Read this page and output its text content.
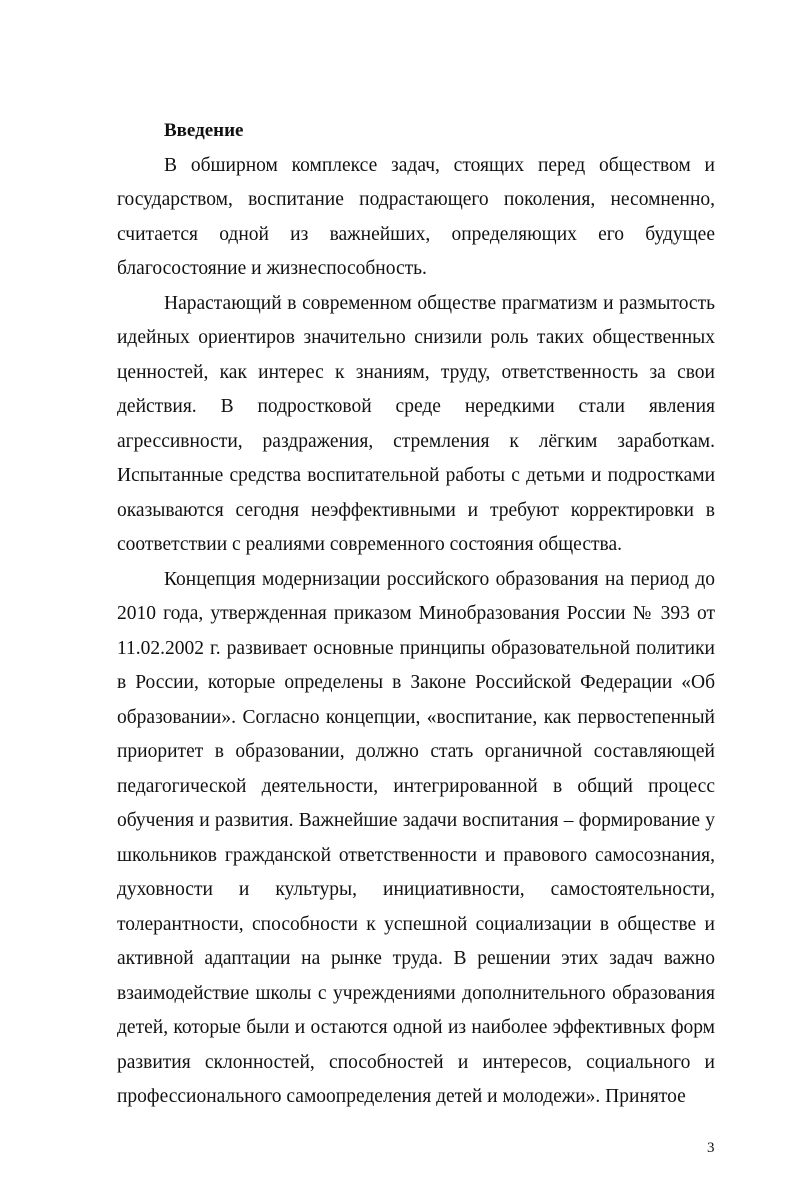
Введение

В обширном комплексе задач, стоящих перед обществом и государством, воспитание подрастающего поколения, несомненно, считается одной из важнейших, определяющих его будущее благосостояние и жизнеспособность.

Нарастающий в современном обществе прагматизм и размытость идейных ориентиров значительно снизили роль таких общественных ценностей, как интерес к знаниям, труду, ответственность за свои действия. В подростковой среде нередкими стали явления агрессивности, раздражения, стремления к лёгким заработкам. Испытанные средства воспитательной работы с детьми и подростками оказываются сегодня неэффективными и требуют корректировки в соответствии с реалиями современного состояния общества.

Концепция модернизации российского образования на период до 2010 года, утвержденная приказом Минобразования России № 393 от 11.02.2002 г. развивает основные принципы образовательной политики в России, которые определены в Законе Российской Федерации «Об образовании». Согласно концепции, «воспитание, как первостепенный приоритет в образовании, должно стать органичной составляющей педагогической деятельности, интегрированной в общий процесс обучения и развития. Важнейшие задачи воспитания – формирование у школьников гражданской ответственности и правового самосознания, духовности и культуры, инициативности, самостоятельности, толерантности, способности к успешной социализации в обществе и активной адаптации на рынке труда. В решении этих задач важно взаимодействие школы с учреждениями дополнительного образования детей, которые были и остаются одной из наиболее эффективных форм развития склонностей, способностей и интересов, социального и профессионального самоопределения детей и молодежи». Принятое

3
